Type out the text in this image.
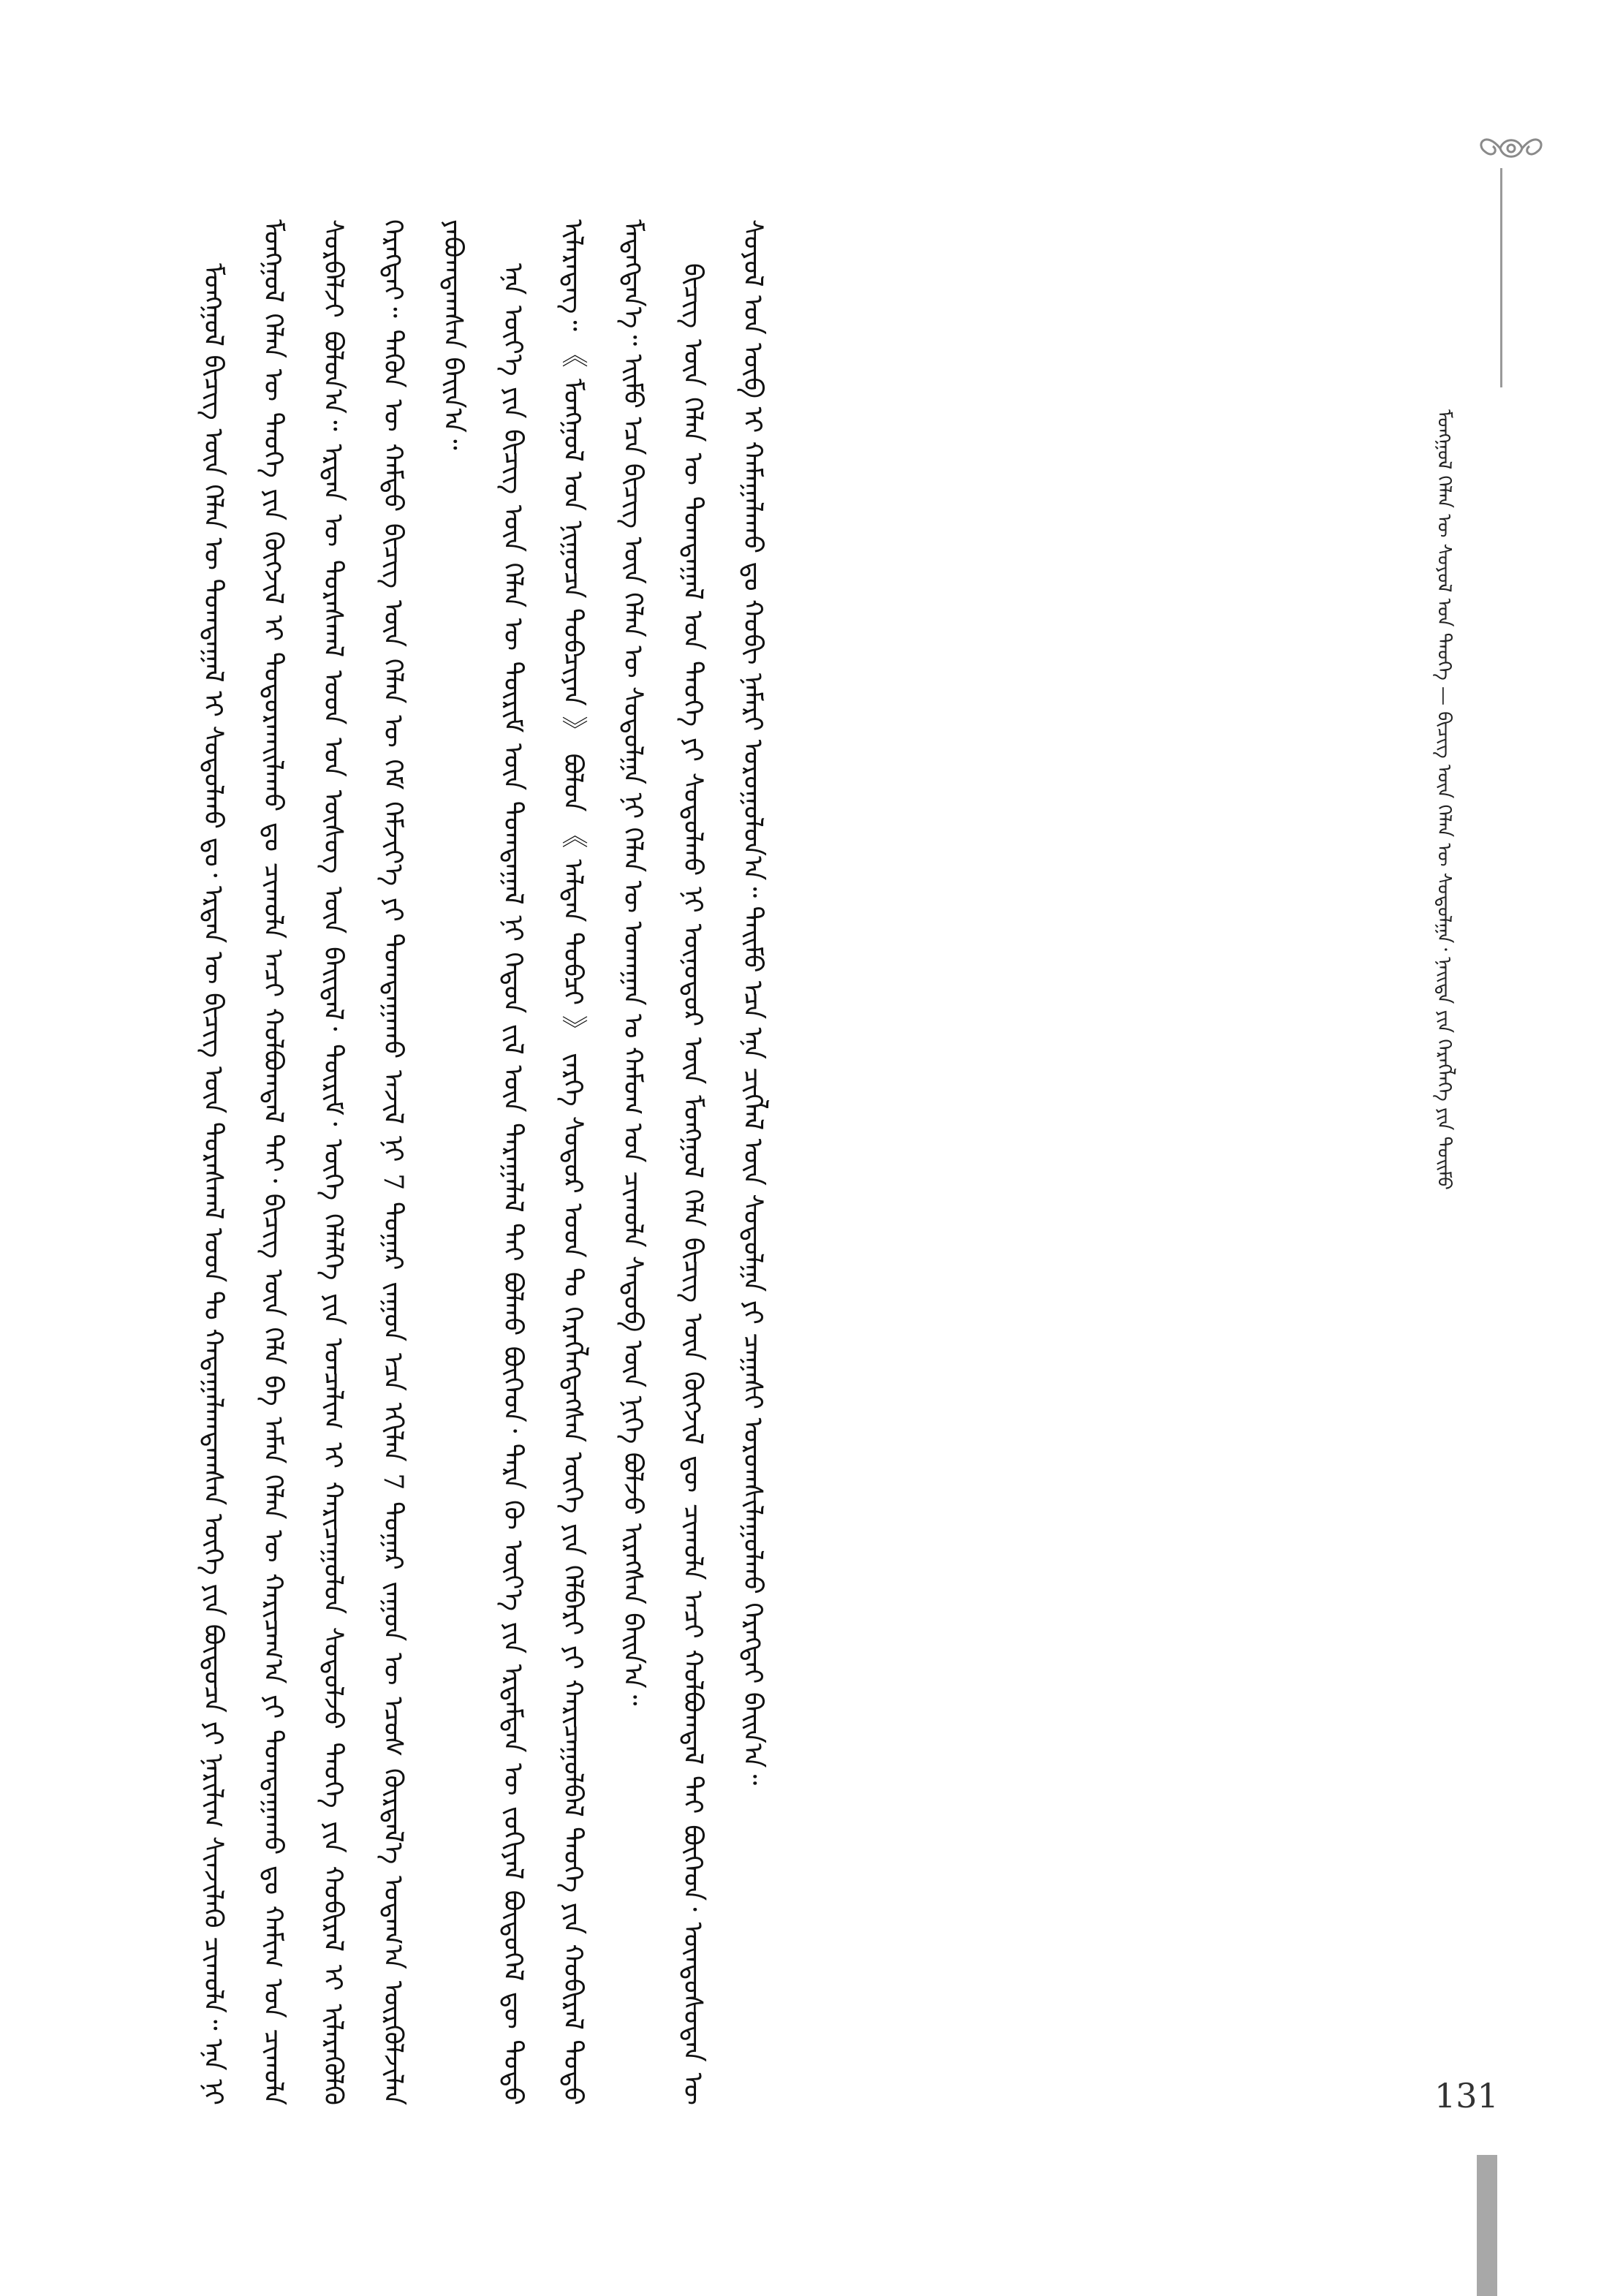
ᠮᠣᠩᠭᠣᠯ ᠬᠡᠯᠡᠨ ᠦ ᠰᠣᠶᠣᠯ ᠤᠨ ᠲᠡᠦᠬᠡ — ᠪᠢᠴᠢᠭ ᠦᠨ ᠬᠡᠯᠡᠨ ᠦ ᠰᠤᠳᠤᠯᠭᠠ᠂ ᠨᠡᠢᠲᠡ ᠶᠢᠨ ᠬᠡᠷᠡᠭᠯᠡᠭᠡ ᠶᠢᠨ ᠲᠣᠢᠮᠣ

ᠮᠣᠩᠭᠣᠯ ᠪᠢᠴᠢᠭ ᠦᠨ ᠬᠡᠯᠡᠨ ᠦ ᠲᠣᠭᠲᠠᠭᠠᠯ ᠢ ᠰᠤᠳᠤᠯᠬᠤ ᠳᠤ᠂ ᠡᠷᠲᠡᠨ ᠦ ᠪᠢᠴᠢᠭ ᠦᠨ ᠳᠤᠷᠠᠰᠬᠠᠯ ᠤᠳ ᠲᠤ ᠬᠠᠳᠠᠭᠠᠯᠠᠭᠳᠠᠭᠰᠠᠨ ᠦᠭᠡ ᠶᠢᠨ ᠪᠦᠲᠦᠴᠡ ᠶᠢ ᠨᠠᠷᠢᠯᠢᠭ ᠰᠢᠨᠵᠢᠯᠡᠬᠦ ᠴᠢᠬᠤᠯᠠ᠃ ᠡᠨᠡ ᠨᠢ ᠮᠣᠩᠭᠣᠯ ᠬᠡᠯᠡᠨ ᠦ ᠲᠡᠦᠬᠡ ᠶᠢᠨ ᠬᠥᠭᠵᠢᠯ ᠢ ᠲᠣᠳᠣᠷᠬᠠᠢᠯᠠᠬᠤ ᠳᠤ ᠴᠢᠬᠤᠯᠠ ᠠᠴᠢ ᠬᠣᠯᠪᠣᠭᠳᠠᠯ ᠲᠠᠢ᠂ ᠪᠢᠴᠢᠭ ᠦᠨ ᠬᠡᠯᠡ ᠪᠠ ᠠᠮᠠᠨ ᠬᠡᠯᠡᠨ ᠦ ᠬᠠᠷᠢᠴᠠᠭ᠎ᠠ ᠶᠢ ᠲᠣᠭᠲᠠᠭᠠᠬᠤ ᠳᠤ ᠬᠠᠮᠢᠭ ᠤᠨ ᠴᠢᠬᠤᠯᠠ ᠰᠤᠷᠪᠠᠯᠵᠢ ᠪᠣᠯᠤᠨ᠎ᠠ᠃ ᠡᠷᠲᠡᠨ ᠦ ᠳᠤᠷᠠᠰᠬᠠᠯ ᠤᠳ ᠤᠨ ᠦᠰᠦᠭ ᠦᠨ ᠪᠠᠢᠳᠠᠯ᠂ ᠳᠦᠷᠢᠮ᠂ ᠦᠭᠡ ᠬᠡᠯᠡᠯᠭᠡ ᠶᠢᠨ ᠣᠨᠴᠠᠯᠢᠭ ᠢ ᠬᠠᠷᠢᠴᠠᠭᠤᠯᠤᠨ ᠰᠤᠳᠤᠯᠵᠤ ᠲᠡᠦᠬᠡ ᠶᠢᠨ ᠬᠤᠪᠢᠷᠠᠯ ᠢ ᠢᠯᠡᠷᠡᠭᠦᠯᠬᠦ ᠬᠡᠷᠡᠭᠲᠡᠢ᠃ ᠲᠡᠭᠦᠨ ᠦ ᠬᠠᠮᠲᠤ ᠪᠢᠴᠢᠭ ᠦᠨ ᠬᠡᠯᠡᠨ ᠦ ᠬᠡᠮ ᠬᠡᠮᠵᠢᠶ᠎ᠡ ᠶᠢ ᠲᠣᠭᠲᠠᠭᠠᠬᠤ ᠠᠵᠢᠯ ᠨᠢ 7 ᠳᠤᠭᠠᠷ ᠵᠠᠭᠤᠨ ᠡᠴᠡ ᠡᠬᠢᠯᠡᠨ 7 ᠳᠤᠭᠠᠷ ᠵᠠᠭᠤᠨ ᠦ ᠡᠴᠦᠰ ᠬᠦᠷᠲᠡᠯ᠎ᠡ ᠤᠳᠠᠭ᠎ᠠ ᠦᠷᠭᠦᠯᠵᠢᠯᠡᠨ ᠶᠠᠪᠤᠭᠳᠠᠭᠰᠠᠨ ᠪᠠᠢᠨ᠎ᠠ᠃	ᠡᠨᠡ ᠦᠶ᠎ᠡ ᠶᠢᠨ ᠪᠢᠴᠢᠭ ᠦᠨ ᠬᠡᠯᠡᠨ ᠦ ᠳᠦᠷᠢᠮ ᠦᠨ ᠲᠣᠭᠲᠠᠭᠠᠯ ᠨᠢ ᠬᠡᠳᠦᠨ ᠵᠢᠯ ᠦᠨ ᠳᠠᠷᠠᠭᠠᠯᠠᠯ ᠲᠠᠢ ᠪᠣᠯᠬᠤ ᠪᠥᠭᠡᠳ᠂ ᠲᠡᠷᠡ ᠬᠦ ᠦᠶ᠎ᠡ ᠶᠢᠨ ᠡᠷᠳᠡᠮᠲᠡᠨ ᠦ ᠵᠣᠬᠢᠶᠠᠯ ᠪᠦᠲᠦᠭᠡᠯ ᠳᠦ ᠲᠣᠳᠣ ᠢᠯᠡᠷᠡᠳᠡᠭ᠃ 《 ᠮᠣᠩᠭᠣᠯ ᠤᠨ ᠨᠢᠭᠤᠴᠠ ᠲᠣᠪᠴᠢᠶᠠᠨ 》 ᠪᠣᠯᠤᠨ 《 ᠠᠯᠲᠠᠨ ᠲᠣᠪᠴᠢ 》 ᠵᠡᠷᠭᠡ ᠰᠤᠳᠤᠷ ᠤᠳ ᠲᠤ ᠬᠡᠷᠡᠭᠯᠡᠭᠳᠡᠭᠰᠡᠨ ᠦᠭᠡ ᠶᠢᠨ ᠬᠡᠯᠪᠡᠷᠢ ᠶᠢ ᠬᠠᠷᠢᠴᠠᠭᠤᠯᠪᠠᠯ ᠲᠡᠦᠬᠡ ᠶᠢᠨ ᠬᠤᠪᠢᠷᠠᠯ ᠲᠣᠳᠣ ᠮᠡᠳᠡᠭᠳᠡᠨ᠎ᠡ᠃ ᠡᠢᠮᠦ ᠡᠴᠡ ᠪᠢᠴᠢᠭ ᠦᠨ ᠬᠡᠯᠡᠨ ᠦ ᠰᠤᠳᠤᠯᠭᠠ ᠨᠢ ᠬᠡᠯᠡᠨ ᠦ ᠤᠬᠠᠭᠠᠨ ᠤ ᠬᠠᠮᠤᠭ ᠤᠨ ᠴᠢᠬᠤᠯᠠ ᠰᠡᠳᠦᠪ ᠦᠨ ᠨᠢᠭᠡ ᠪᠣᠯᠵᠤ ᠢᠷᠡᠭᠰᠡᠨ ᠪᠠᠢᠨ᠎ᠠ᠃	ᠪᠢᠴᠢᠭ ᠦᠨ ᠬᠡᠯᠡᠨ ᠦ ᠲᠣᠭᠲᠠᠭᠠᠯ ᠤᠨ ᠲᠡᠦᠬᠡ ᠶᠢ ᠰᠤᠳᠤᠯᠬᠤ ᠨᠢ ᠥᠨᠥᠳᠦᠷ ᠦᠨ ᠮᠣᠩᠭᠣᠯ ᠬᠡᠯᠡ ᠪᠢᠴᠢᠭ ᠦᠨ ᠬᠥᠭᠵᠢᠯ ᠳᠦ ᠴᠢᠬᠤᠯᠠ ᠠᠴᠢ ᠬᠣᠯᠪᠣᠭᠳᠠᠯ ᠲᠠᠢ ᠪᠥᠭᠡᠳ᠂ ᠦᠨᠳᠦᠰᠦᠲᠡᠨ ᠦ ᠰᠣᠶᠣᠯ ᠤᠨ ᠦᠪ ᠢ ᠬᠠᠮᠠᠭᠠᠯᠠᠬᠤ ᠳᠤ ᠬᠤᠪᠢ ᠨᠡᠮᠡᠷᠢ ᠣᠷᠤᠭᠤᠯᠤᠨ᠎ᠠ᠃ ᠲᠡᠢᠮᠦ ᠡᠴᠡ ᠡᠨᠡ ᠴᠢᠭᠯᠡᠯ ᠦᠨ ᠰᠤᠳᠤᠯᠭᠠ ᠶᠢ ᠴᠠᠭᠠᠰᠢ ᠤᠷᠤᠭᠰᠢᠯᠠᠭᠤᠯᠬᠤ ᠬᠡᠷᠡᠭᠲᠡᠢ ᠪᠠᠢᠨ᠎ᠠ᠃

131
